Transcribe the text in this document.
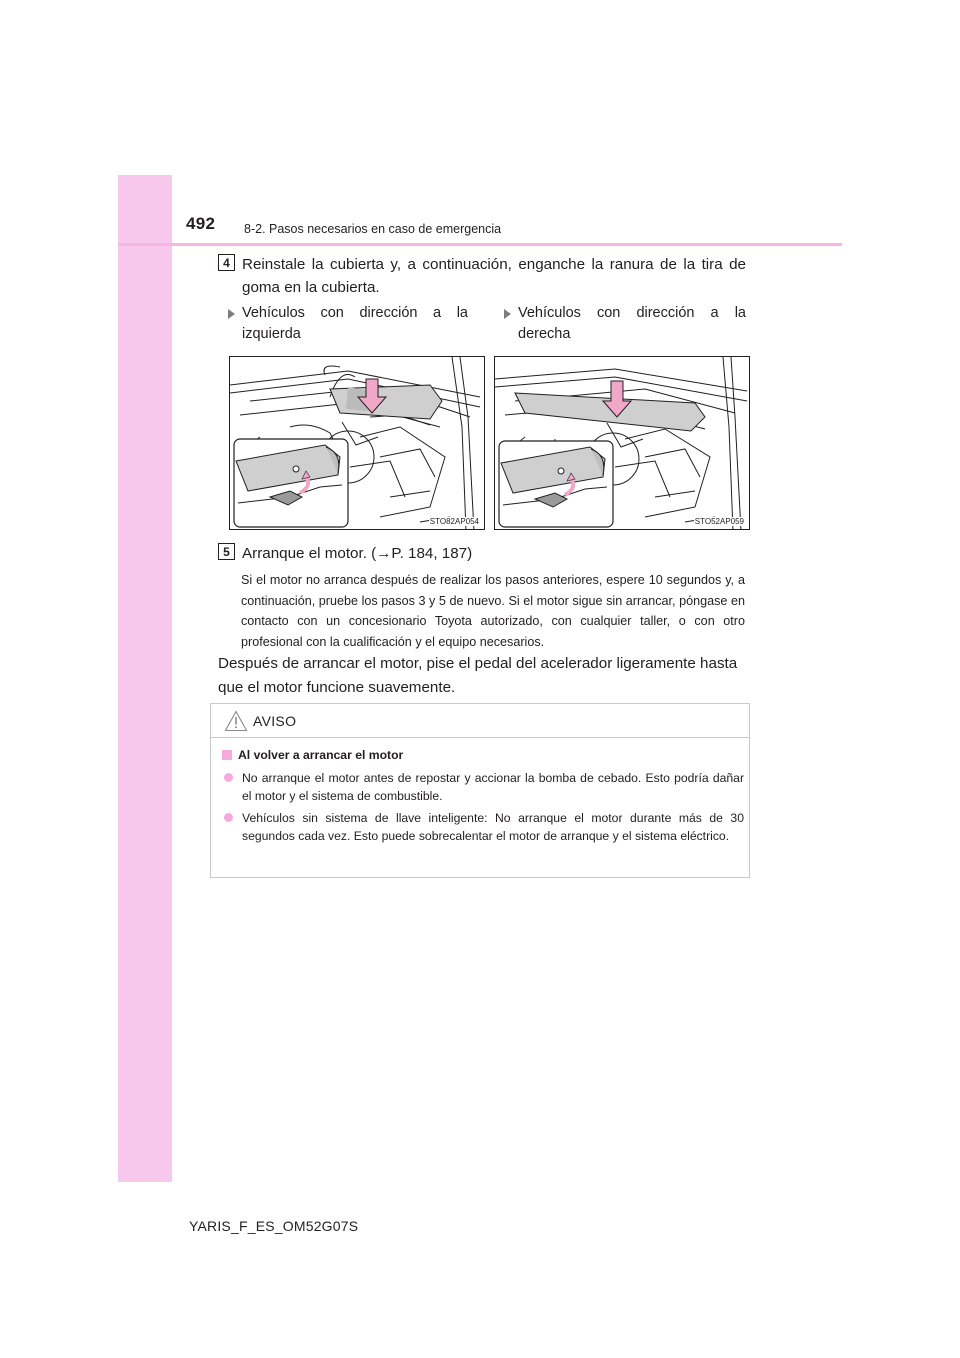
492 8-2. Pasos necesarios en caso de emergencia
4 Reinstale la cubierta y, a continuación, enganche la ranura de la tira de goma en la cubierta.
Vehículos con dirección a la
izquierda
Vehículos con dirección a la
derecha
STO82AP054	STO52AP059
5 Arranque el motor. (→P. 184, 187)
Si el motor no arranca después de realizar los pasos anteriores, espere 10 segundos y, a continuación, pruebe los pasos 3 y 5 de nuevo. Si el motor sigue sin arrancar, póngase en contacto con un concesionario Toyota autorizado, con cualquier taller, o con otro profesional con la cualificación y el equipo necesarios.
Después de arrancar el motor, pise el pedal del acelerador ligeramente hasta que el motor funcione suavemente.
AVISO
Al volver a arrancar el motor
No arranque el motor antes de repostar y accionar la bomba de cebado. Esto podría dañar el motor y el sistema de combustible.
Vehículos sin sistema de llave inteligente: No arranque el motor durante más de 30 segundos cada vez. Esto puede sobrecalentar el motor de arranque y el sistema eléctrico.
YARIS_F_ES_OM52G07S
